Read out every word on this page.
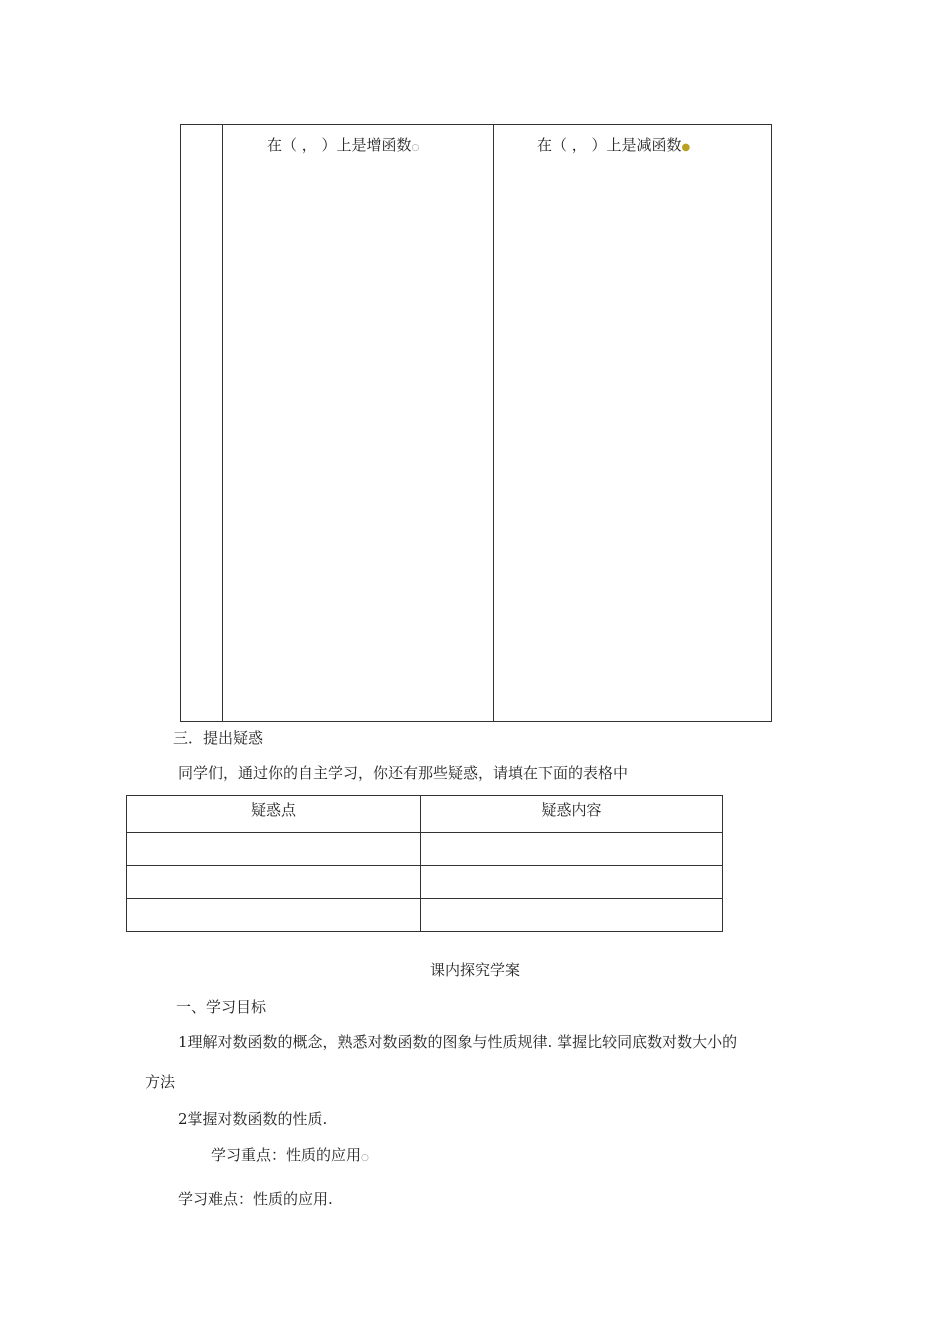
在（ ， ）上是增函数○	在（ ， ）上是减函数●
三．提出疑惑
同学们，通过你的自主学习，你还有那些疑惑，请填在下面的表格中
疑惑点	疑惑内容

课内探究学案
一、学习目标
1理解对数函数的概念，熟悉对数函数的图象与性质规律. 掌握比较同底数对数大小的
方法
2掌握对数函数的性质.
学习重点：性质的应用○
学习难点：性质的应用.
